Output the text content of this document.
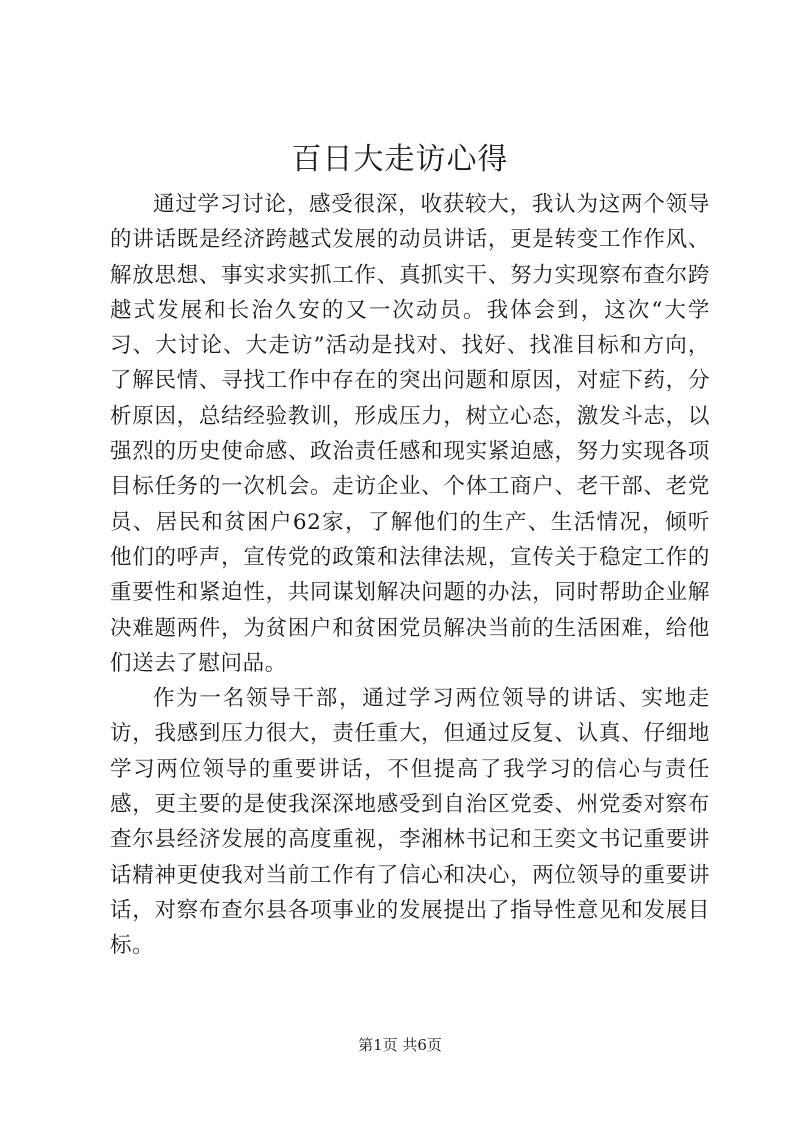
百日大走访心得

通过学习讨论，感受很深，收获较大，我认为这两个领导的讲话既是经济跨越式发展的动员讲话，更是转变工作作风、解放思想、事实求实抓工作、真抓实干、努力实现察布查尔跨越式发展和长治久安的又一次动员。我体会到，这次“大学习、大讨论、大走访”活动是找对、找好、找准目标和方向，了解民情、寻找工作中存在的突出问题和原因，对症下药，分析原因，总结经验教训，形成压力，树立心态，激发斗志，以强烈的历史使命感、政治责任感和现实紧迫感，努力实现各项目标任务的一次机会。走访企业、个体工商户、老干部、老党员、居民和贫困户62家，了解他们的生产、生活情况，倾听他们的呼声，宣传党的政策和法律法规，宣传关于稳定工作的重要性和紧迫性，共同谋划解决问题的办法，同时帮助企业解决难题两件，为贫困户和贫困党员解决当前的生活困难，给他们送去了慰问品。

作为一名领导干部，通过学习两位领导的讲话、实地走访，我感到压力很大，责任重大，但通过反复、认真、仔细地学习两位领导的重要讲话，不但提高了我学习的信心与责任感，更主要的是使我深深地感受到自治区党委、州党委对察布查尔县经济发展的高度重视，李湘林书记和王奕文书记重要讲话精神更使我对当前工作有了信心和决心，两位领导的重要讲话，对察布查尔县各项事业的发展提出了指导性意见和发展目标。

第1页 共6页
